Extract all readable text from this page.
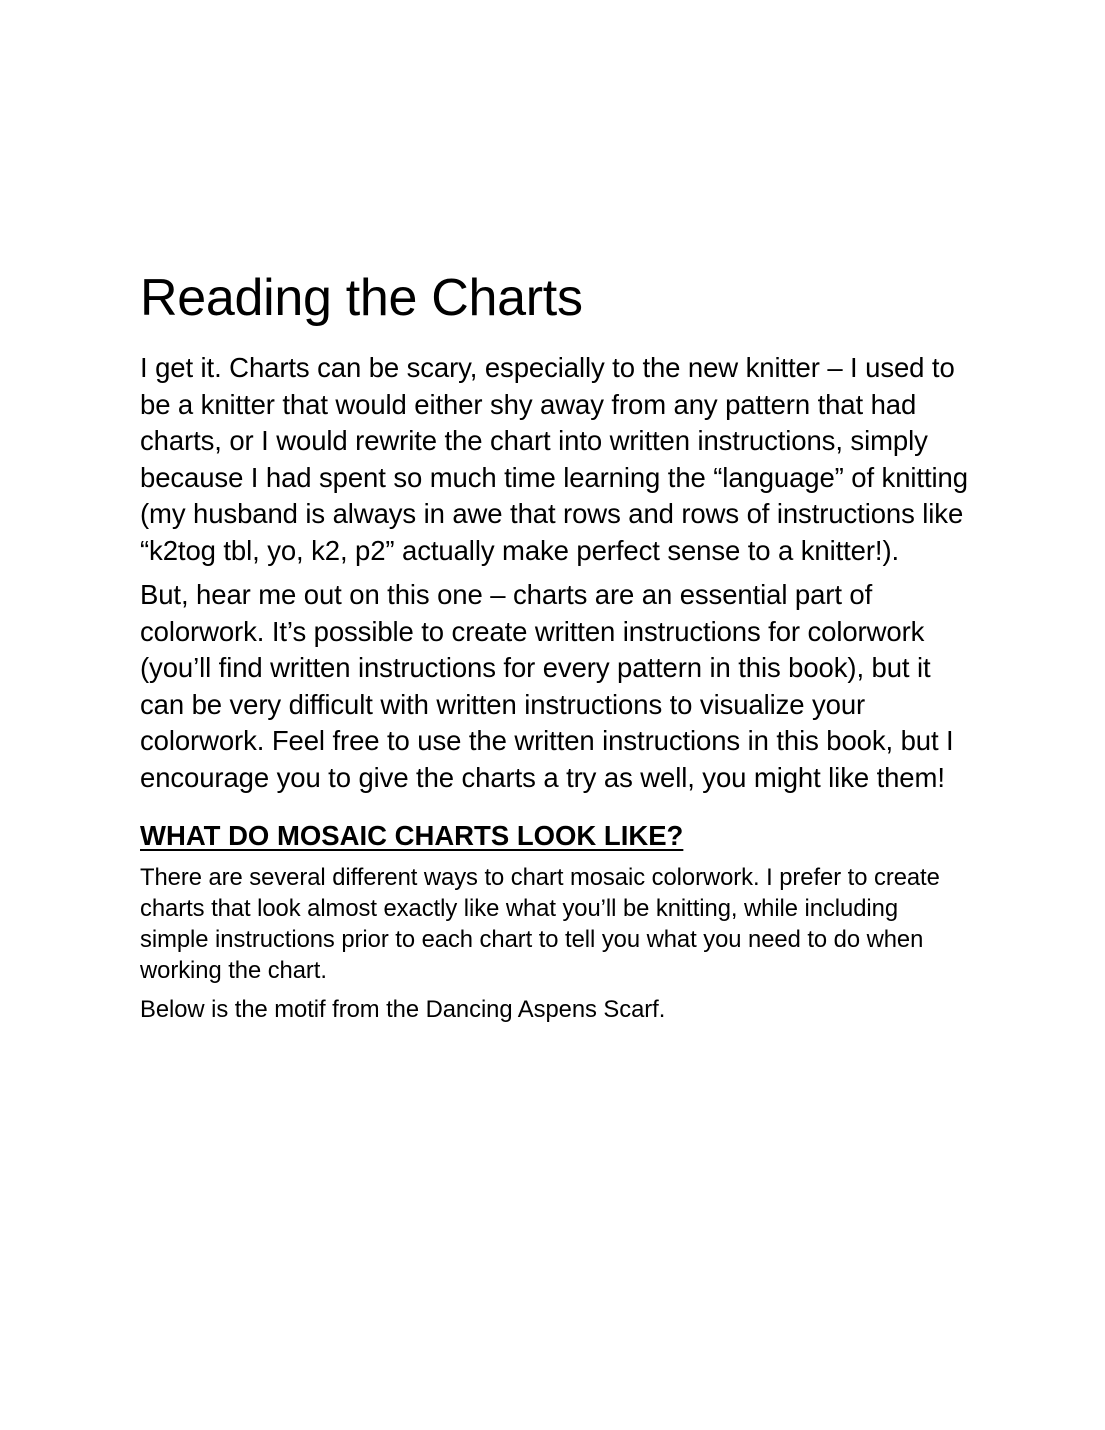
Reading the Charts

I get it. Charts can be scary, especially to the new knitter – I used to be a knitter that would either shy away from any pattern that had charts, or I would rewrite the chart into written instructions, simply because I had spent so much time learning the “language” of knitting (my husband is always in awe that rows and rows of instructions like “k2tog tbl, yo, k2, p2” actually make perfect sense to a knitter!).

But, hear me out on this one – charts are an essential part of colorwork. It’s possible to create written instructions for colorwork (you’ll find written instructions for every pattern in this book), but it can be very difficult with written instructions to visualize your colorwork. Feel free to use the written instructions in this book, but I encourage you to give the charts a try as well, you might like them!

WHAT DO MOSAIC CHARTS LOOK LIKE?

There are several different ways to chart mosaic colorwork. I prefer to create charts that look almost exactly like what you’ll be knitting, while including simple instructions prior to each chart to tell you what you need to do when working the chart.

Below is the motif from the Dancing Aspens Scarf.
